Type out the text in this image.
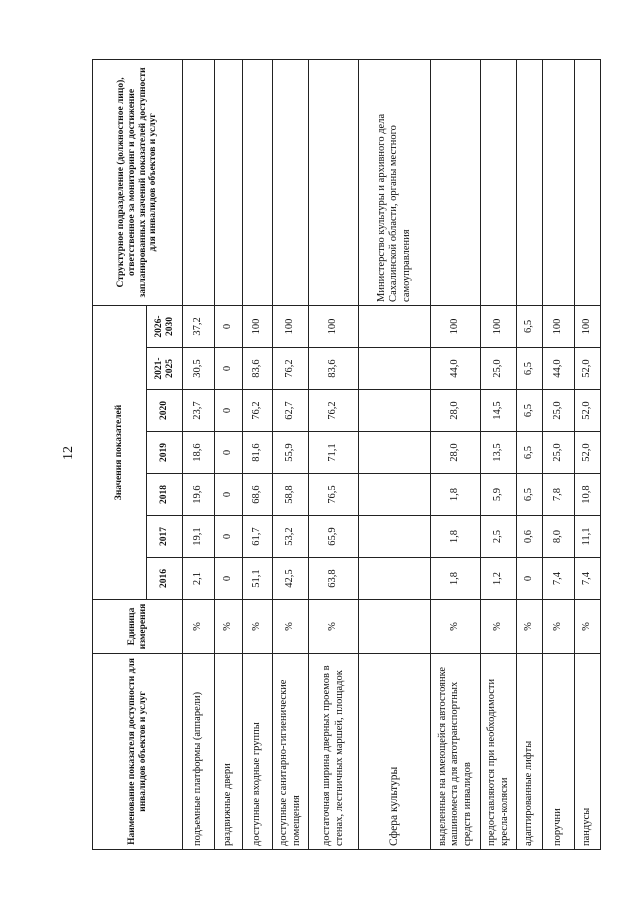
12
Наименование показателя доступности для инвалидов объектов и услуг	Единица измерения	Значения показателей							Структурное подразделение (должностное лицо), ответственное за мониторинг и достижение запланированных значений показателей доступности для инвалидов объектов и услуг
		2016	2017	2018	2019	2020	2021-2025	2026-2030	
подъемные платформы (аппарели)	%	2,1	19,1	19,6	18,6	23,7	30,5	37,2	
раздвижные двери	%	0	0	0	0	0	0	0	
доступные входные группы	%	51,1	61,7	68,6	81,6	76,2	83,6	100	
доступные санитарно-гигиенические помещения	%	42,5	53,2	58,8	55,9	62,7	76,2	100	
достаточная ширина дверных проемов в стенах, лестничных маршей, площадок	%	63,8	65,9	76,5	71,1	76,2	83,6	100	
Сфера культуры									Министерство культуры и архивного дела Сахалинской области, органы местного самоуправления
выделенные на имеющейся автостоянке машиноместа для автотранспортных средств инвалидов	%	1,8	1,8	1,8	28,0	28,0	44,0	100	
предоставляются при необходимости кресла-коляски	%	1,2	2,5	5,9	13,5	14,5	25,0	100	
адаптированные лифты	%	0	0,6	6,5	6,5	6,5	6,5	6,5	
поручни	%	7,4	8,0	7,8	25,0	25,0	44,0	100	
пандусы	%	7,4	11,1	10,8	52,0	52,0	52,0	100	
